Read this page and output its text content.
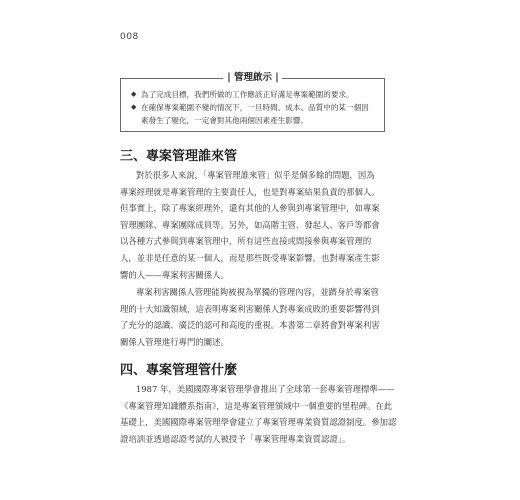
008
| 管理啟示 |
◆ 為了完成目標，我們所做的工作應該正好滿足專案範圍的要求。
◆ 在確保專案範圍不變的情況下，一旦時間、成本、品質中的某一個因
素發生了變化，一定會對其他兩個因素產生影響。
三、專案管理誰來管
對於很多人來說，「專案管理誰來管」似乎是個多餘的問題，因為
專案經理就是專案管理的主要責任人，也是對專案結果負責的那個人。
但事實上，除了專案經理外，還有其他的人參與到專案管理中，如專案
管理團隊、專案團隊成員等。另外，如高階主管、發起人、客戶等都會
以各種方式參與到專案管理中，所有這些直接或間接參與專案管理的
人，並非是任意的某一個人，而是那些既受專案影響，也對專案產生影
響的人——專案利害關係人。
專案利害關係人管理能夠被視為單獨的管理內容，並躋身於專案管
理的十大知識領域，這表明專案利害關係人對專案成敗的重要影響得到
了充分的認識、廣泛的認可和高度的重視。本書第二章將會對專案利害
關係人管理進行專門的闡述。
四、專案管理管什麼
1987 年，美國國際專案管理學會推出了全球第一套專案管理標準——
《專案管理知識體系指南》，這是專案管理領域中一個重要的里程碑。在此
基礎上，美國國際專案管理學會建立了專案管理專業資質認證制度。參加認
證培訓並透過認證考試的人被授予「專案管理專業資質認證」。
